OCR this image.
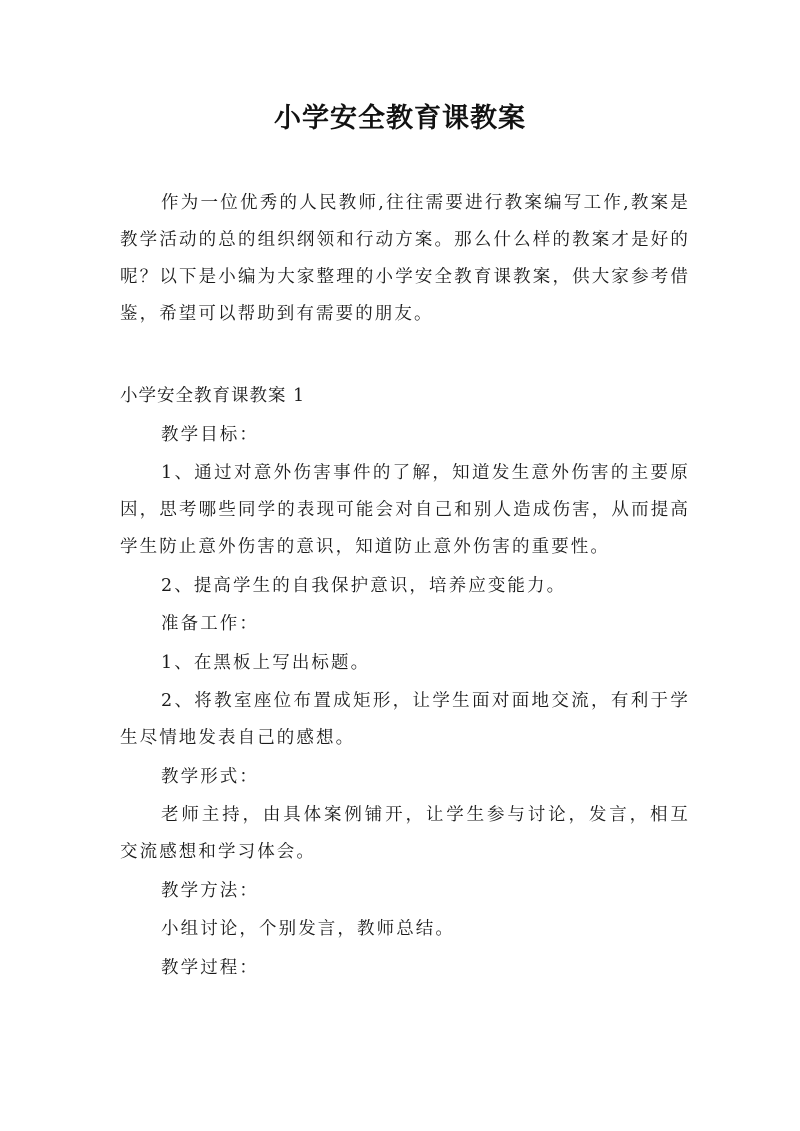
小学安全教育课教案

作为一位优秀的人民教师,往往需要进行教案编写工作,教案是教学活动的总的组织纲领和行动方案。那么什么样的教案才是好的呢？以下是小编为大家整理的小学安全教育课教案，供大家参考借鉴，希望可以帮助到有需要的朋友。

小学安全教育课教案 1

教学目标：

1、通过对意外伤害事件的了解，知道发生意外伤害的主要原因，思考哪些同学的表现可能会对自己和别人造成伤害，从而提高学生防止意外伤害的意识，知道防止意外伤害的重要性。

2、提高学生的自我保护意识，培养应变能力。

准备工作：

1、在黑板上写出标题。

2、将教室座位布置成矩形，让学生面对面地交流，有利于学生尽情地发表自己的感想。

教学形式：

老师主持，由具体案例铺开，让学生参与讨论，发言，相互交流感想和学习体会。

教学方法：

小组讨论，个别发言，教师总结。

教学过程：
